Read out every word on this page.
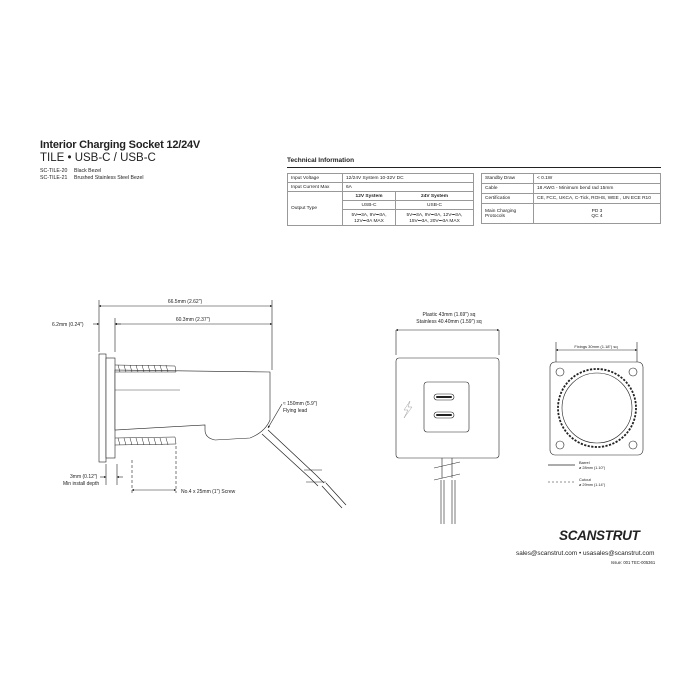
Interior Charging Socket 12/24V
TILE • USB-C / USB-C
SC-TILE-20 Black Bezel
SC-TILE-21 Brushed Stainless Steel Bezel
Technical Information
Input Voltage	12/24V System 10-32V DC	
Input Current Max	6A	
Output Type	12V System	24V System
	USB-C	USB-C
	5V⎓3A, 9V⎓3A, 12V⎓3A MAX	5V⎓3A, 9V⎓3A, 12V⎓3A, 15V⎓3A, 20V⎓3A MAX
Standby Draw	< 0.1W
Cable	18 AWG - Minimum bend rad 15mm
Certification	CE, FCC, UKCA, C-Tick, ROHS, WEE , UN ECE R10
Main Charging Protocols	PD 3
QC 4
66.5mm (2.62")
60.3mm (2.37")
6.2mm (0.24")
≈ 150mm (5.9")
Flying lead
3mm (0.12")
Min install depth
No.4 x 25mm (1") Screw
Plastic 43mm (1.69") sq
Stainless 40.40mm (1.59") sq
Fixings 30mm (1.18") sq
Barrel
ø 28mm (1.10")
Cutout
ø 29mm (1.14")
SCANSTRUT
sales@scanstrut.com • usasales@scanstrut.com
Issue: 001 TEC-005361
